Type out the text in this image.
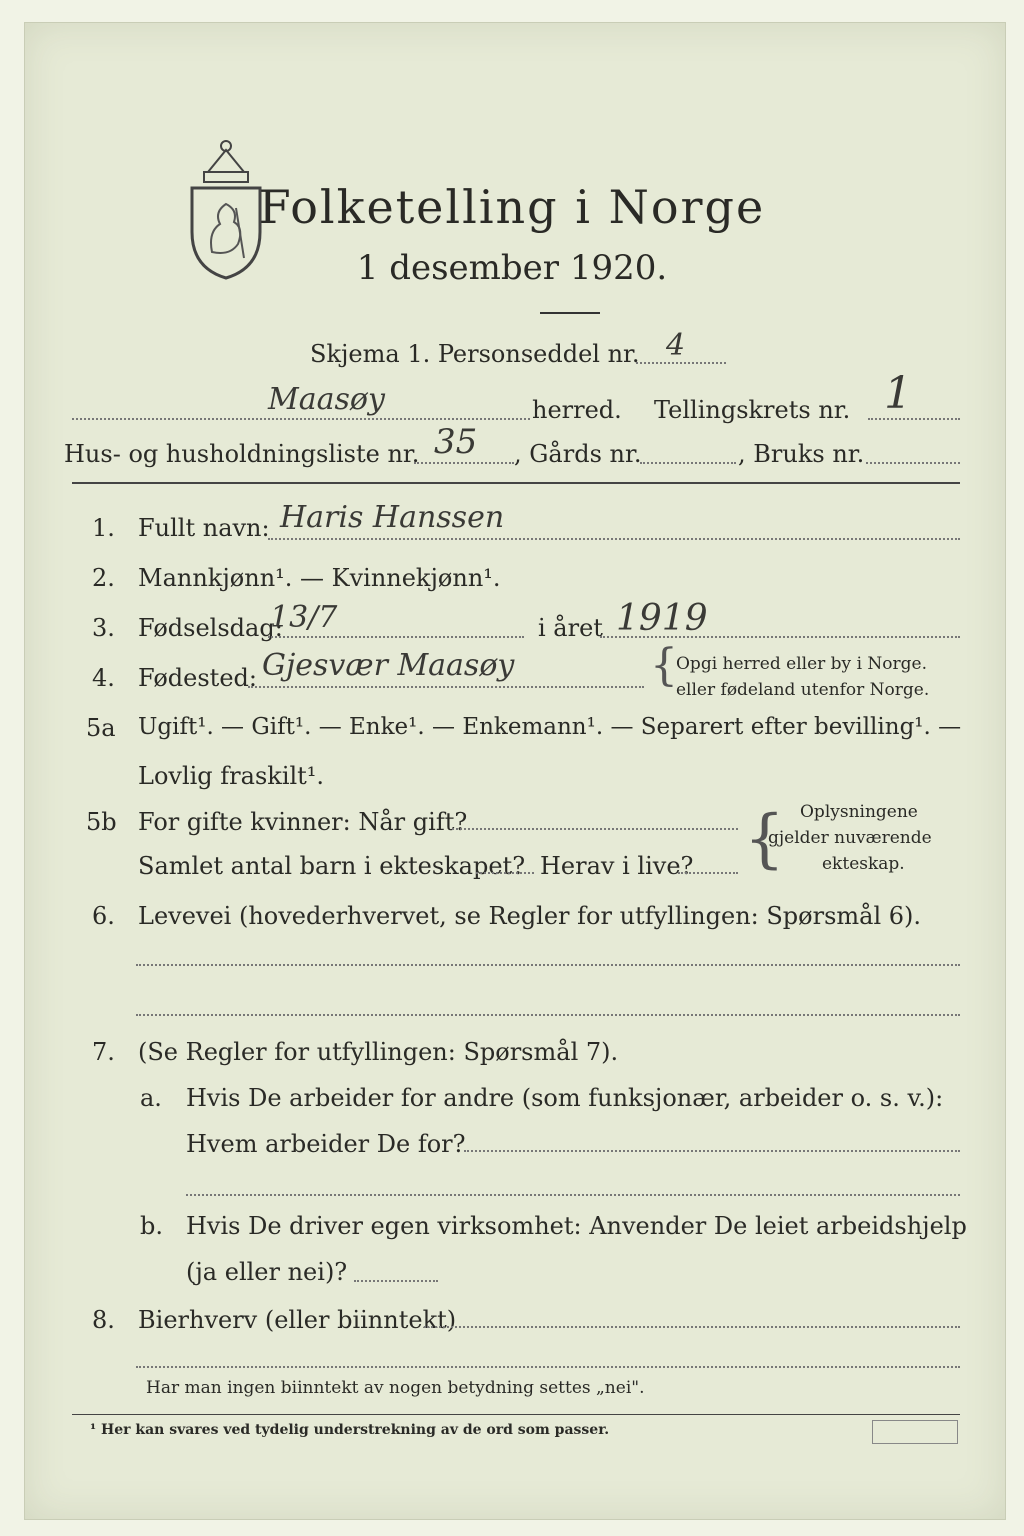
Folketelling i Norge
1 desember 1920.
Skjema 1. Personseddel nr. 4
Maasøy	herred. Tellingskrets nr. 1
Hus- og husholdningsliste nr. 35 , Gårds nr.	, Bruks nr.
1. Fullt navn: Haris Hanssen
2. Mannkjønn¹. — Kvinnekjønn¹.
3. Fødselsdag:
13/7	i året 1919
4. Fødested: Gjesvær Maasøy	{
Opgi herred eller by i Norge.
eller fødeland utenfor Norge.
5a Ugift¹. — Gift¹. — Enke¹. — Enkemann¹. — Separert efter bevilling¹. —
Lovlig fraskilt¹.
5b For gifte kvinner: Når gift?
Samlet antal barn i ekteskapet? Herav i live? { Oplysningene
gjelder nuværende
ekteskap.
6. Levevei (hovederhvervet, se Regler for utfyllingen: Spørsmål 6).
7. (Se Regler for utfyllingen: Spørsmål 7).
a. Hvis De arbeider for andre (som funksjonær, arbeider o. s. v.):
Hvem arbeider De for?
b. Hvis De driver egen virksomhet: Anvender De leiet arbeidshjelp
(ja eller nei)?
8. Bierhverv (eller biinntekt)
Har man ingen biinntekt av nogen betydning settes „nei".
¹ Her kan svares ved tydelig understrekning av de ord som passer.
